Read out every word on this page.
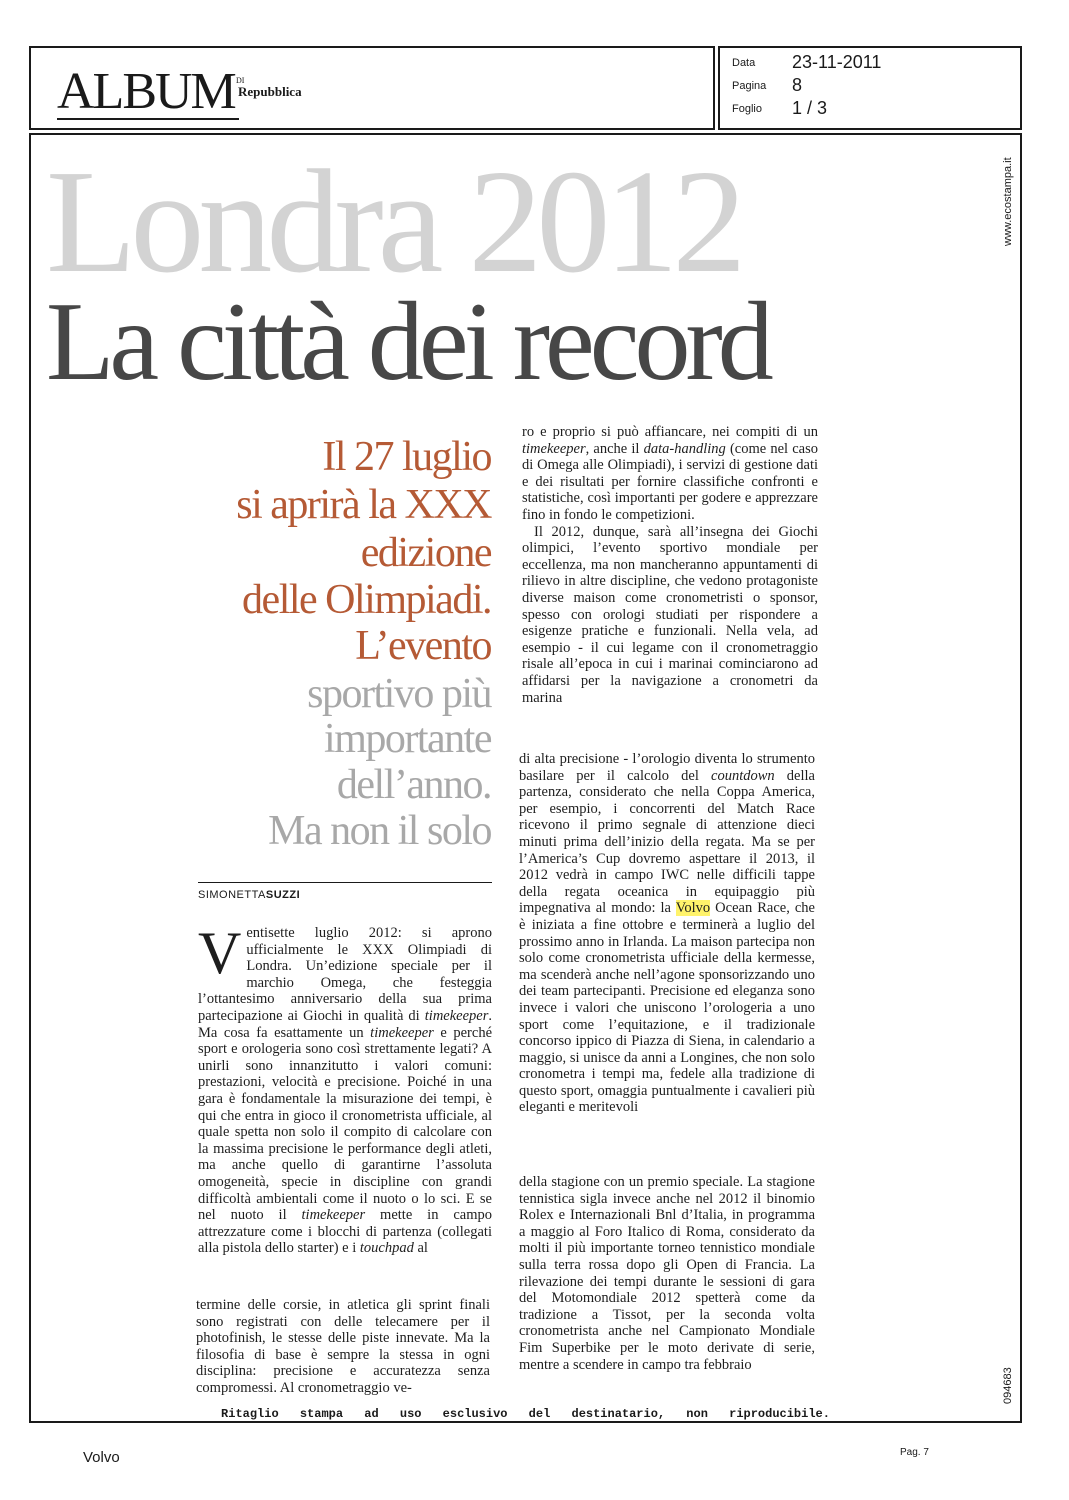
ALBUM DI
Repubblica
Data 23-11-2011
Pagina 8
Foglio 1 / 3
www.ecostampa.it
094683
Londra 2012
La città dei record
Il 27 luglio
si aprirà la XXX
edizione
delle Olimpiadi.
L’evento
sportivo più
importante
dell’anno.
Ma non il solo
SIMONETTASUZZI

Ventisette luglio 2012: si aprono ufficialmente le XXX Olimpiadi di Londra. Un’edizione speciale per il marchio Omega, che festeggia l’ottantesimo anniversario della sua prima partecipazione ai Giochi in qualità di timekeeper. Ma cosa fa esattamente un timekeeper e perché sport e orologeria sono così strettamente legati? A unirli sono innanzitutto i valori comuni: prestazioni, velocità e precisione. Poiché in una gara è fondamentale la misurazione dei tempi, è qui che entra in gioco il cronometrista ufficiale, al quale spetta non solo il compito di calcolare con la massima precisione le performance degli atleti, ma anche quello di garantirne l’assoluta omogeneità, specie in discipline con grandi difficoltà ambientali come il nuoto o lo sci. E se nel nuoto il timekeeper mette in campo attrezzature come i blocchi di partenza (collegati alla pistola dello starter) e i touchpad al

termine delle corsie, in atletica gli sprint finali sono registrati con delle telecamere per il photofinish, le stesse delle piste innevate. Ma la filosofia di base è sempre la stessa in ogni disciplina: precisione e accuratezza senza compromessi. Al cronometraggio ve-

ro e proprio si può affiancare, nei compiti di un timekeeper, anche il data-handling (come nel caso di Omega alle Olimpiadi), i servizi di gestione dati e dei risultati per fornire classifiche confronti e statistiche, così importanti per godere e apprezzare fino in fondo le competizioni.

Il 2012, dunque, sarà all’insegna dei Giochi olimpici, l’evento sportivo mondiale per eccellenza, ma non mancheranno appuntamenti di rilievo in altre discipline, che vedono protagoniste diverse maison come cronometristi o sponsor, spesso con orologi studiati per rispondere a esigenze pratiche e funzionali. Nella vela, ad esempio - il cui legame con il cronometraggio risale all’epoca in cui i marinai cominciarono ad affidarsi per la navigazione a cronometri da marina

di alta precisione - l’orologio diventa lo strumento basilare per il calcolo del countdown della partenza, considerato che nella Coppa America, per esempio, i concorrenti del Match Race ricevono il primo segnale di attenzione dieci minuti prima dell’inizio della regata. Ma se per l’America’s Cup dovremo aspettare il 2013, il 2012 vedrà in campo IWC nelle difficili tappe della regata oceanica in equipaggio più impegnativa al mondo: la Volvo Ocean Race, che è iniziata a fine ottobre e terminerà a luglio del prossimo anno in Irlanda. La maison partecipa non solo come cronometrista ufficiale della kermesse, ma scenderà anche nell’agone sponsorizzando uno dei team partecipanti. Precisione ed eleganza sono invece i valori che uniscono l’orologeria a uno sport come l’equitazione, e il tradizionale concorso ippico di Piazza di Siena, in calendario a maggio, si unisce da anni a Longines, che non solo cronometra i tempi ma, fedele alla tradizione di questo sport, omaggia puntualmente i cavalieri più eleganti e meritevoli

della stagione con un premio speciale. La stagione tennistica sigla invece anche nel 2012 il binomio Rolex e Internazionali Bnl d’Italia, in programma a maggio al Foro Italico di Roma, considerato da molti il più importante torneo tennistico mondiale sulla terra rossa dopo gli Open di Francia. La rilevazione dei tempi durante le sessioni di gara del Motomondiale 2012 spetterà come da tradizione a Tissot, per la seconda volta cronometrista anche nel Campionato Mondiale Fim Superbike per le moto derivate di serie, mentre a scendere in campo tra febbraio

Ritaglio stampa ad uso esclusivo del destinatario, non riproducibile.
Volvo	Pag. 7
